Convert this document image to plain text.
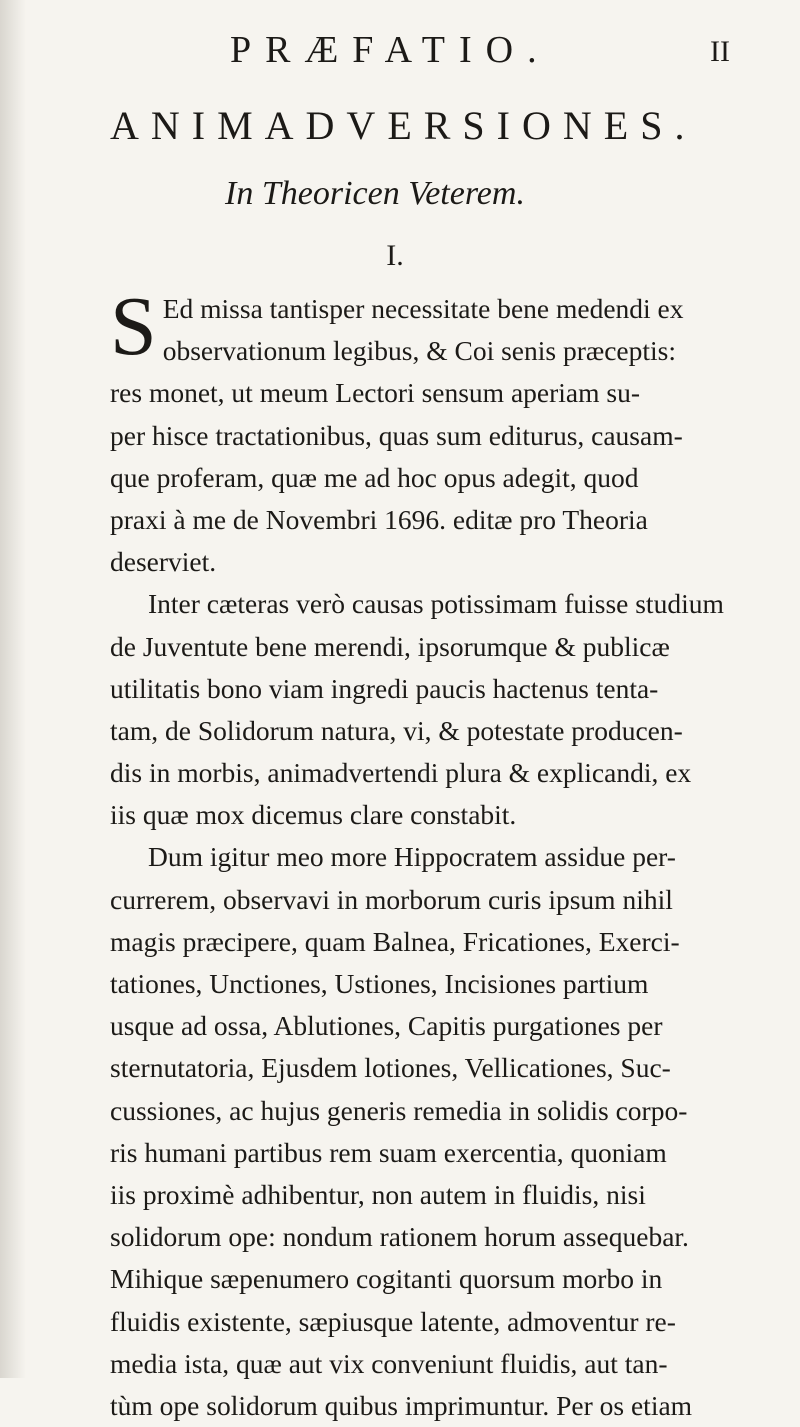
PRÆFATIO.	II
ANIMADVERSIONES.
In Theoricen Veterem.
I.
S Ed missa tantisper necessitate bene medendi ex
observationum legibus, & Coi senis præceptis:
res monet, ut meum Lectori sensum aperiam su-
per hisce tractationibus, quas sum editurus, causam-
que proferam, quæ me ad hoc opus adegit, quod
praxi à me de Novembri 1696. editæ pro Theoria
deserviet.
Inter cæteras verò causas potissimam fuisse studium
de Juventute bene merendi, ipsorumque & publicæ
utilitatis bono viam ingredi paucis hactenus tenta-
tam, de Solidorum natura, vi, & potestate producen-
dis in morbis, animadvertendi plura & explicandi, ex
iis quæ mox dicemus clare constabit.
Dum igitur meo more Hippocratem assidue per-
currerem, observavi in morborum curis ipsum nihil
magis præcipere, quam Balnea, Fricationes, Exerci-
tationes, Unctiones, Ustiones, Incisiones partium
usque ad ossa, Ablutiones, Capitis purgationes per
sternutatoria, Ejusdem lotiones, Vellicationes, Suc-
cussiones, ac hujus generis remedia in solidis corpo-
ris humani partibus rem suam exercentia, quoniam
iis proximè adhibentur, non autem in fluidis, nisi
solidorum ope: nondum rationem horum assequebar.
Mihique sæpenumero cogitanti quorsum morbo in
fluidis existente, sæpiusque latente, admoventur re-
media ista, quæ aut vix conveniunt fluidis, aut tan-
tùm ope solidorum quibus imprimuntur. Per os etiam
